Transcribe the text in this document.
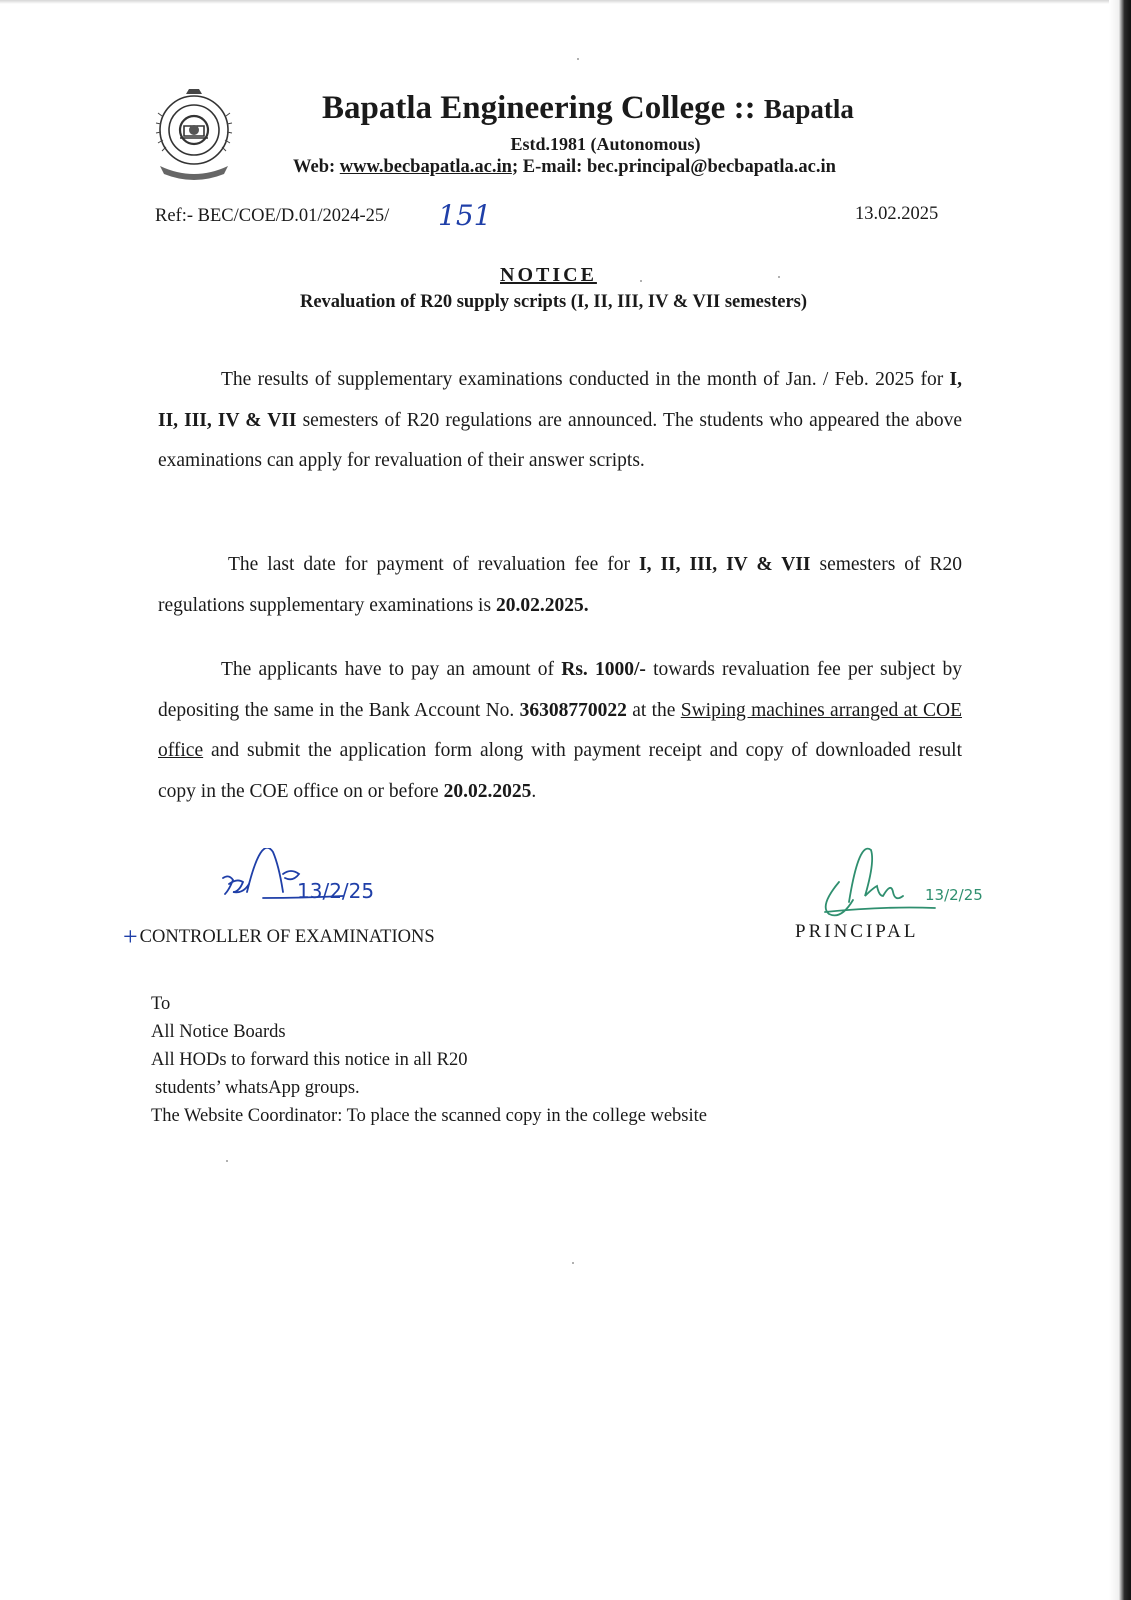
Bapatla Engineering College :: Bapatla
Estd.1981 (Autonomous)
Web: www.becbapatla.ac.in; E-mail: bec.principal@becbapatla.ac.in
Ref:- BEC/COE/D.01/2024-25/ 151	13.02.2025
NOTICE
Revaluation of R20 supply scripts (I, II, III, IV & VII semesters)
The results of supplementary examinations conducted in the month of Jan. / Feb. 2025 for I, II, III, IV & VII semesters of R20 regulations are announced. The students who appeared the above examinations can apply for revaluation of their answer scripts.
The last date for payment of revaluation fee for I, II, III, IV & VII semesters of R20 regulations supplementary examinations is 20.02.2025.
The applicants have to pay an amount of Rs. 1000/- towards revaluation fee per subject by depositing the same in the Bank Account No. 36308770022 at the Swiping machines arranged at COE office and submit the application form along with payment receipt and copy of downloaded result copy in the COE office on or before 20.02.2025.
13/2/25	13/2/25
+ CONTROLLER OF EXAMINATIONS	PRINCIPAL
To
All Notice Boards
All HODs to forward this notice in all R20
students’ whatsApp groups.
The Website Coordinator: To place the scanned copy in the college website
